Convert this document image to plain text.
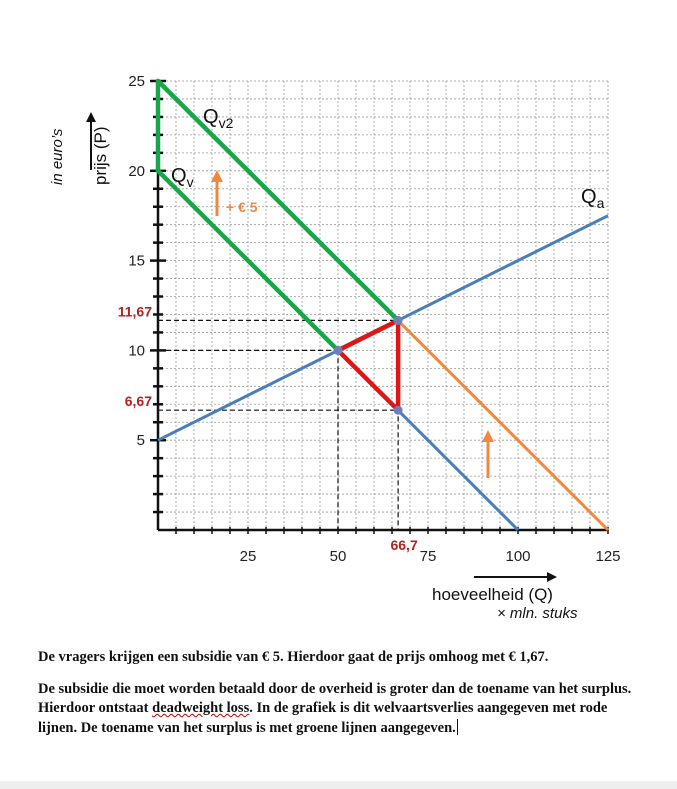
25	50	75	100	125
5
10
15
20
25
11,67
6,67
66,7
$Q_{v2}$
$Q_v$
$Q_a$
+ € 5
in euro’s prijs (P)
hoeveelheid (Q)
× mln. stuks

De vragers krijgen een subsidie van € 5. Hierdoor gaat de prijs omhoog met € 1,67.

De subsidie die moet worden betaald door de overheid is groter dan de toename van het surplus. Hierdoor ontstaat deadweight loss. In de grafiek is dit welvaartsverlies aangegeven met rode lijnen. De toename van het surplus is met groene lijnen aangegeven.
